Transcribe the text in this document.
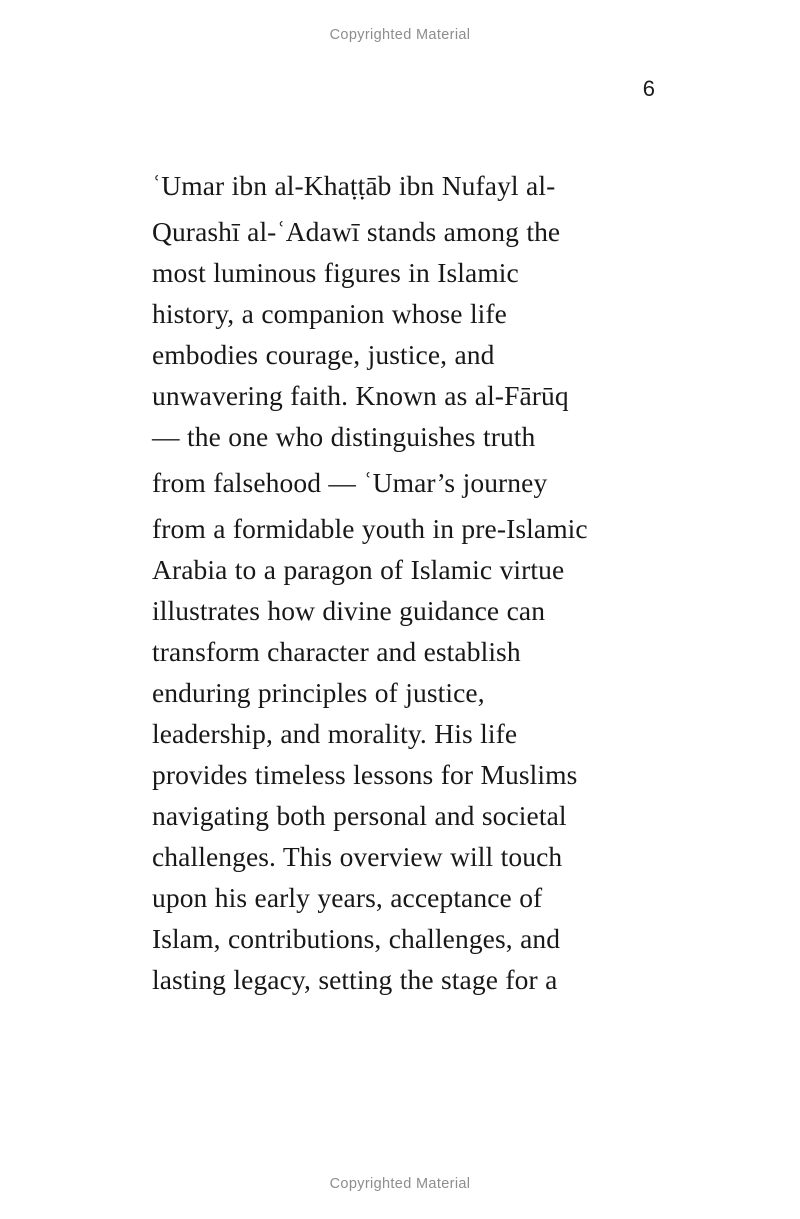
Copyrighted Material
6

ʿUmar ibn al-Khaṭṭāb ibn Nufayl al-

Qurashī al-ʿAdawī stands among the

most luminous figures in Islamic
history, a companion whose life
embodies courage, justice, and
unwavering faith. Known as al-Fārūq
— the one who distinguishes truth

from falsehood — ʿUmar’s journey

from a formidable youth in pre-Islamic
Arabia to a paragon of Islamic virtue
illustrates how divine guidance can
transform character and establish
enduring principles of justice,
leadership, and morality. His life
provides timeless lessons for Muslims
navigating both personal and societal
challenges. This overview will touch
upon his early years, acceptance of
Islam, contributions, challenges, and
lasting legacy, setting the stage for a

Copyrighted Material
